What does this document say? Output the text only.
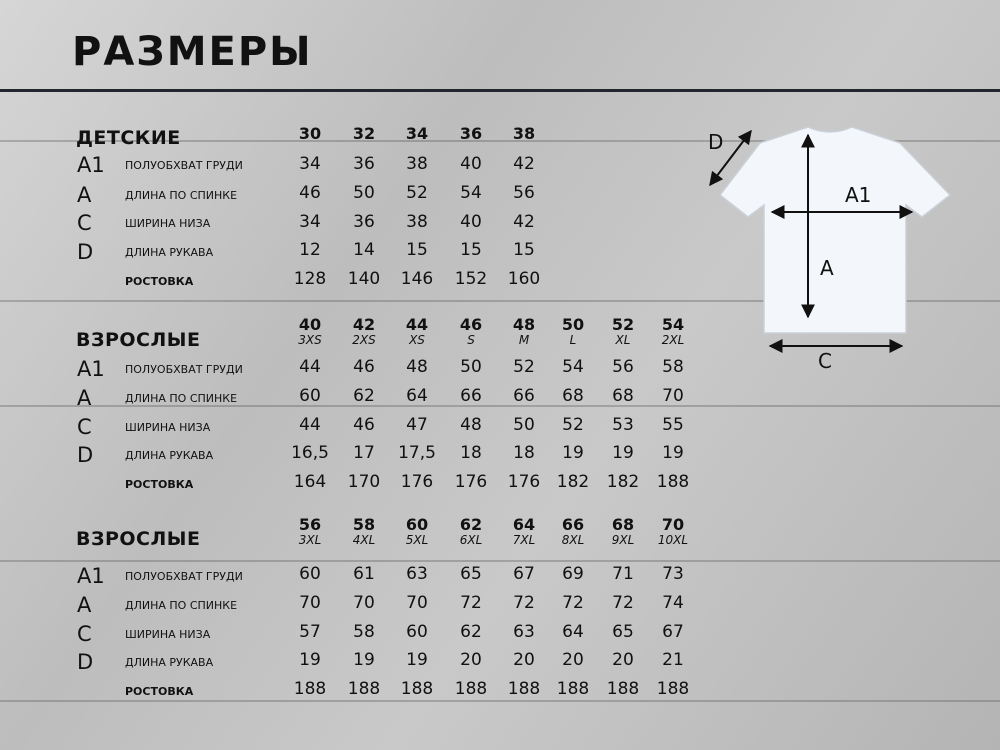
РАЗМЕРЫ
ДЕТСКИЕ	30 32 34 36 38
A1 ПОЛУОБХВАТ ГРУДИ	34 36 38 40 42
A	ДЛИНА ПО СПИНКЕ	46 50 52 54 56
C	ШИРИНА НИЗА	34 36 38 40 42
D	ДЛИНА РУКАВА	12 14 15 15 15
РОСТОВКА	128 140 146 152 160
ВЗРОСЛЫЕ
40 42 44 46 48 50 52 54
3XS	2XS	XS	S	M	L	XL	2XL
A1 ПОЛУОБХВАТ ГРУДИ	44 46 48 50 52 54 56 58
A	ДЛИНА ПО СПИНКЕ	60 62 64 66 66 68 68 70
C	ШИРИНА НИЗА	44 46 47 48 50 52 53 55
D	ДЛИНА РУКАВА	16,5 17 17,5 18 18 19 19 19
РОСТОВКА	164 170 176 176 176 182 182 188
ВЗРОСЛЫЕ
56 58 60 62 64 66 68 70
3XL	4XL	5XL	6XL	7XL 8XL 9XL 10XL
A1 ПОЛУОБХВАТ ГРУДИ	60 61 63 65 67 69 71 73
A	ДЛИНА ПО СПИНКЕ	70 70 70 72 72 72 72 74
C	ШИРИНА НИЗА	57 58 60 62 63 64 65 67
D	ДЛИНА РУКАВА	19 19 19 20 20 20 20 21
РОСТОВКА	188 188 188 188 188 188 188 188
D
A1
A
C
